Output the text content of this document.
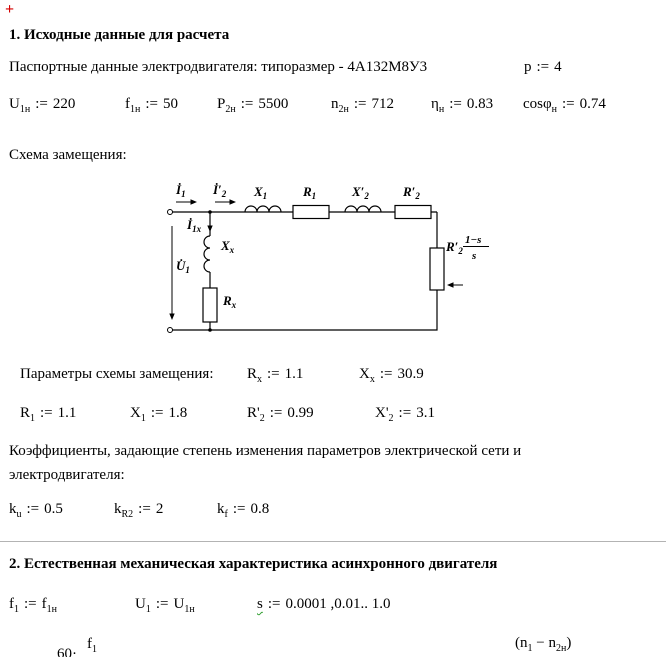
+
1. Исходные данные для расчета
Паспортные данные электродвигателя: типоразмер - 4А132М8У3	p := 4
$U_{1н}$ := 220	$f_{1н}$ := 50	$P_{2н}$ := 5500	$n_{2н}$ := 712 $\eta_н$ := 0.83 cosφ$_н$ := 0.74
Схема замещения:
$İ_1$ $İ'_2$ $X_1$	$R_1$	$X'_2$	$R'_2$
$İ_{1x}$
$X_x$
$U̇_1$
$R_x$
$R'_2$
1−s
s
Параметры схемы замещения: $R_x$ := 1.1	$X_x$ := 30.9
$R_1$ := 1.1	$X_1$ := 1.8	$R'_2$ := 0.99	$X'_2$ := 3.1
Коэффициенты, задающие степень изменения параметров электрической сети и
электродвигателя:
$k_u$ := 0.5	$k_{R2}$ := 2	$k_f$ := 0.8
2. Естественная механическая характеристика асинхронного двигателя
$f_1$ := $f_{1н}$	$U_1$ := $U_{1н}$	s := 0.0001 ,0.01.. 1.0
60·
$f_1$	$(n_1 - n_{2н})$
